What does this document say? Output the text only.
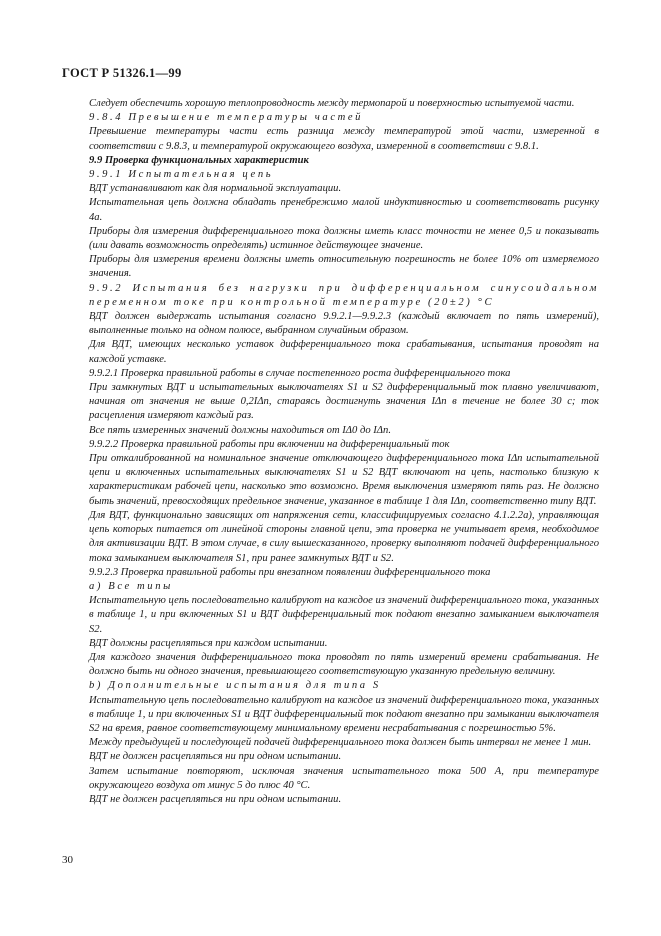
ГОСТ Р 51326.1—99

Следует обеспечить хорошую теплопроводность между термопарой и поверхностью испытуемой части.

9.8.4 Превышение температуры частей

Превышение температуры части есть разница между температурой этой части, измеренной в соответствии с 9.8.3, и температурой окружающего воздуха, измеренной в соответствии с 9.8.1.

9.9 Проверка функциональных характеристик

9.9.1 Испытательная цепь

ВДТ устанавливают как для нормальной эксплуатации.

Испытательная цепь должна обладать пренебрежимо малой индуктивностью и соответствовать рисунку 4а.

Приборы для измерения дифференциального тока должны иметь класс точности не менее 0,5 и показывать (или давать возможность определять) истинное действующее значение.

Приборы для измерения времени должны иметь относительную погрешность не более 10% от измеряемого значения.

9.9.2 Испытания без нагрузки при дифференциальном синусоидальном переменном токе при контрольной температуре (20±2) °С

ВДТ должен выдержать испытания согласно 9.9.2.1—9.9.2.3 (каждый включает по пять измерений), выполненные только на одном полюсе, выбранном случайным образом.

Для ВДТ, имеющих несколько уставок дифференциального тока срабатывания, испытания проводят на каждой уставке.

9.9.2.1 Проверка правильной работы в случае постепенного роста дифференциального тока

При замкнутых ВДТ и испытательных выключателях S1 и S2 дифференциальный ток плавно увеличивают, начиная от значения не выше 0,2IΔn, стараясь достигнуть значения IΔn в течение не более 30 с; ток расцепления измеряют каждый раз.

Все пять измеренных значений должны находиться от IΔ0 до IΔn.

9.9.2.2 Проверка правильной работы при включении на дифференциальный ток

При откалиброванной на номинальное значение отключающего дифференциального тока IΔn испытательной цепи и включенных испытательных выключателях S1 и S2 ВДТ включают на цепь, настолько близкую к характеристикам рабочей цепи, насколько это возможно. Время выключения измеряют пять раз. Не должно быть значений, превосходящих предельное значение, указанное в таблице 1 для IΔn, соответственно типу ВДТ.

Для ВДТ, функционально зависящих от напряжения сети, классифицируемых согласно 4.1.2.2а), управляющая цепь которых питается от линейной стороны главной цепи, эта проверка не учитывает время, необходимое для активизации ВДТ. В этом случае, в силу вышесказанного, проверку выполняют подачей дифференциального тока замыканием выключателя S1, при ранее замкнутых ВДТ и S2.

9.9.2.3 Проверка правильной работы при внезапном появлении дифференциального тока

а) Все типы

Испытательную цепь последовательно калибруют на каждое из значений дифференциального тока, указанных в таблице 1, и при включенных S1 и ВДТ дифференциальный ток подают внезапно замыканием выключателя S2.

ВДТ должны расцепляться при каждом испытании.

Для каждого значения дифференциального тока проводят по пять измерений времени срабатывания. Не должно быть ни одного значения, превышающего соответствующую указанную предельную величину.

b) Дополнительные испытания для типа S

Испытательную цепь последовательно калибруют на каждое из значений дифференциального тока, указанных в таблице 1, и при включенных S1 и ВДТ дифференциальный ток подают внезапно при замыкании выключателя S2 на время, равное соответствующему минимальному времени несрабатывания с погрешностью 5%.

Между предыдущей и последующей подачей дифференциального тока должен быть интервал не менее 1 мин.

ВДТ не должен расцепляться ни при одном испытании.

Затем испытание повторяют, исключая значения испытательного тока 500 А, при температуре окружающего воздуха от минус 5 до плюс 40 °С.

ВДТ не должен расцепляться ни при одном испытании.

30
